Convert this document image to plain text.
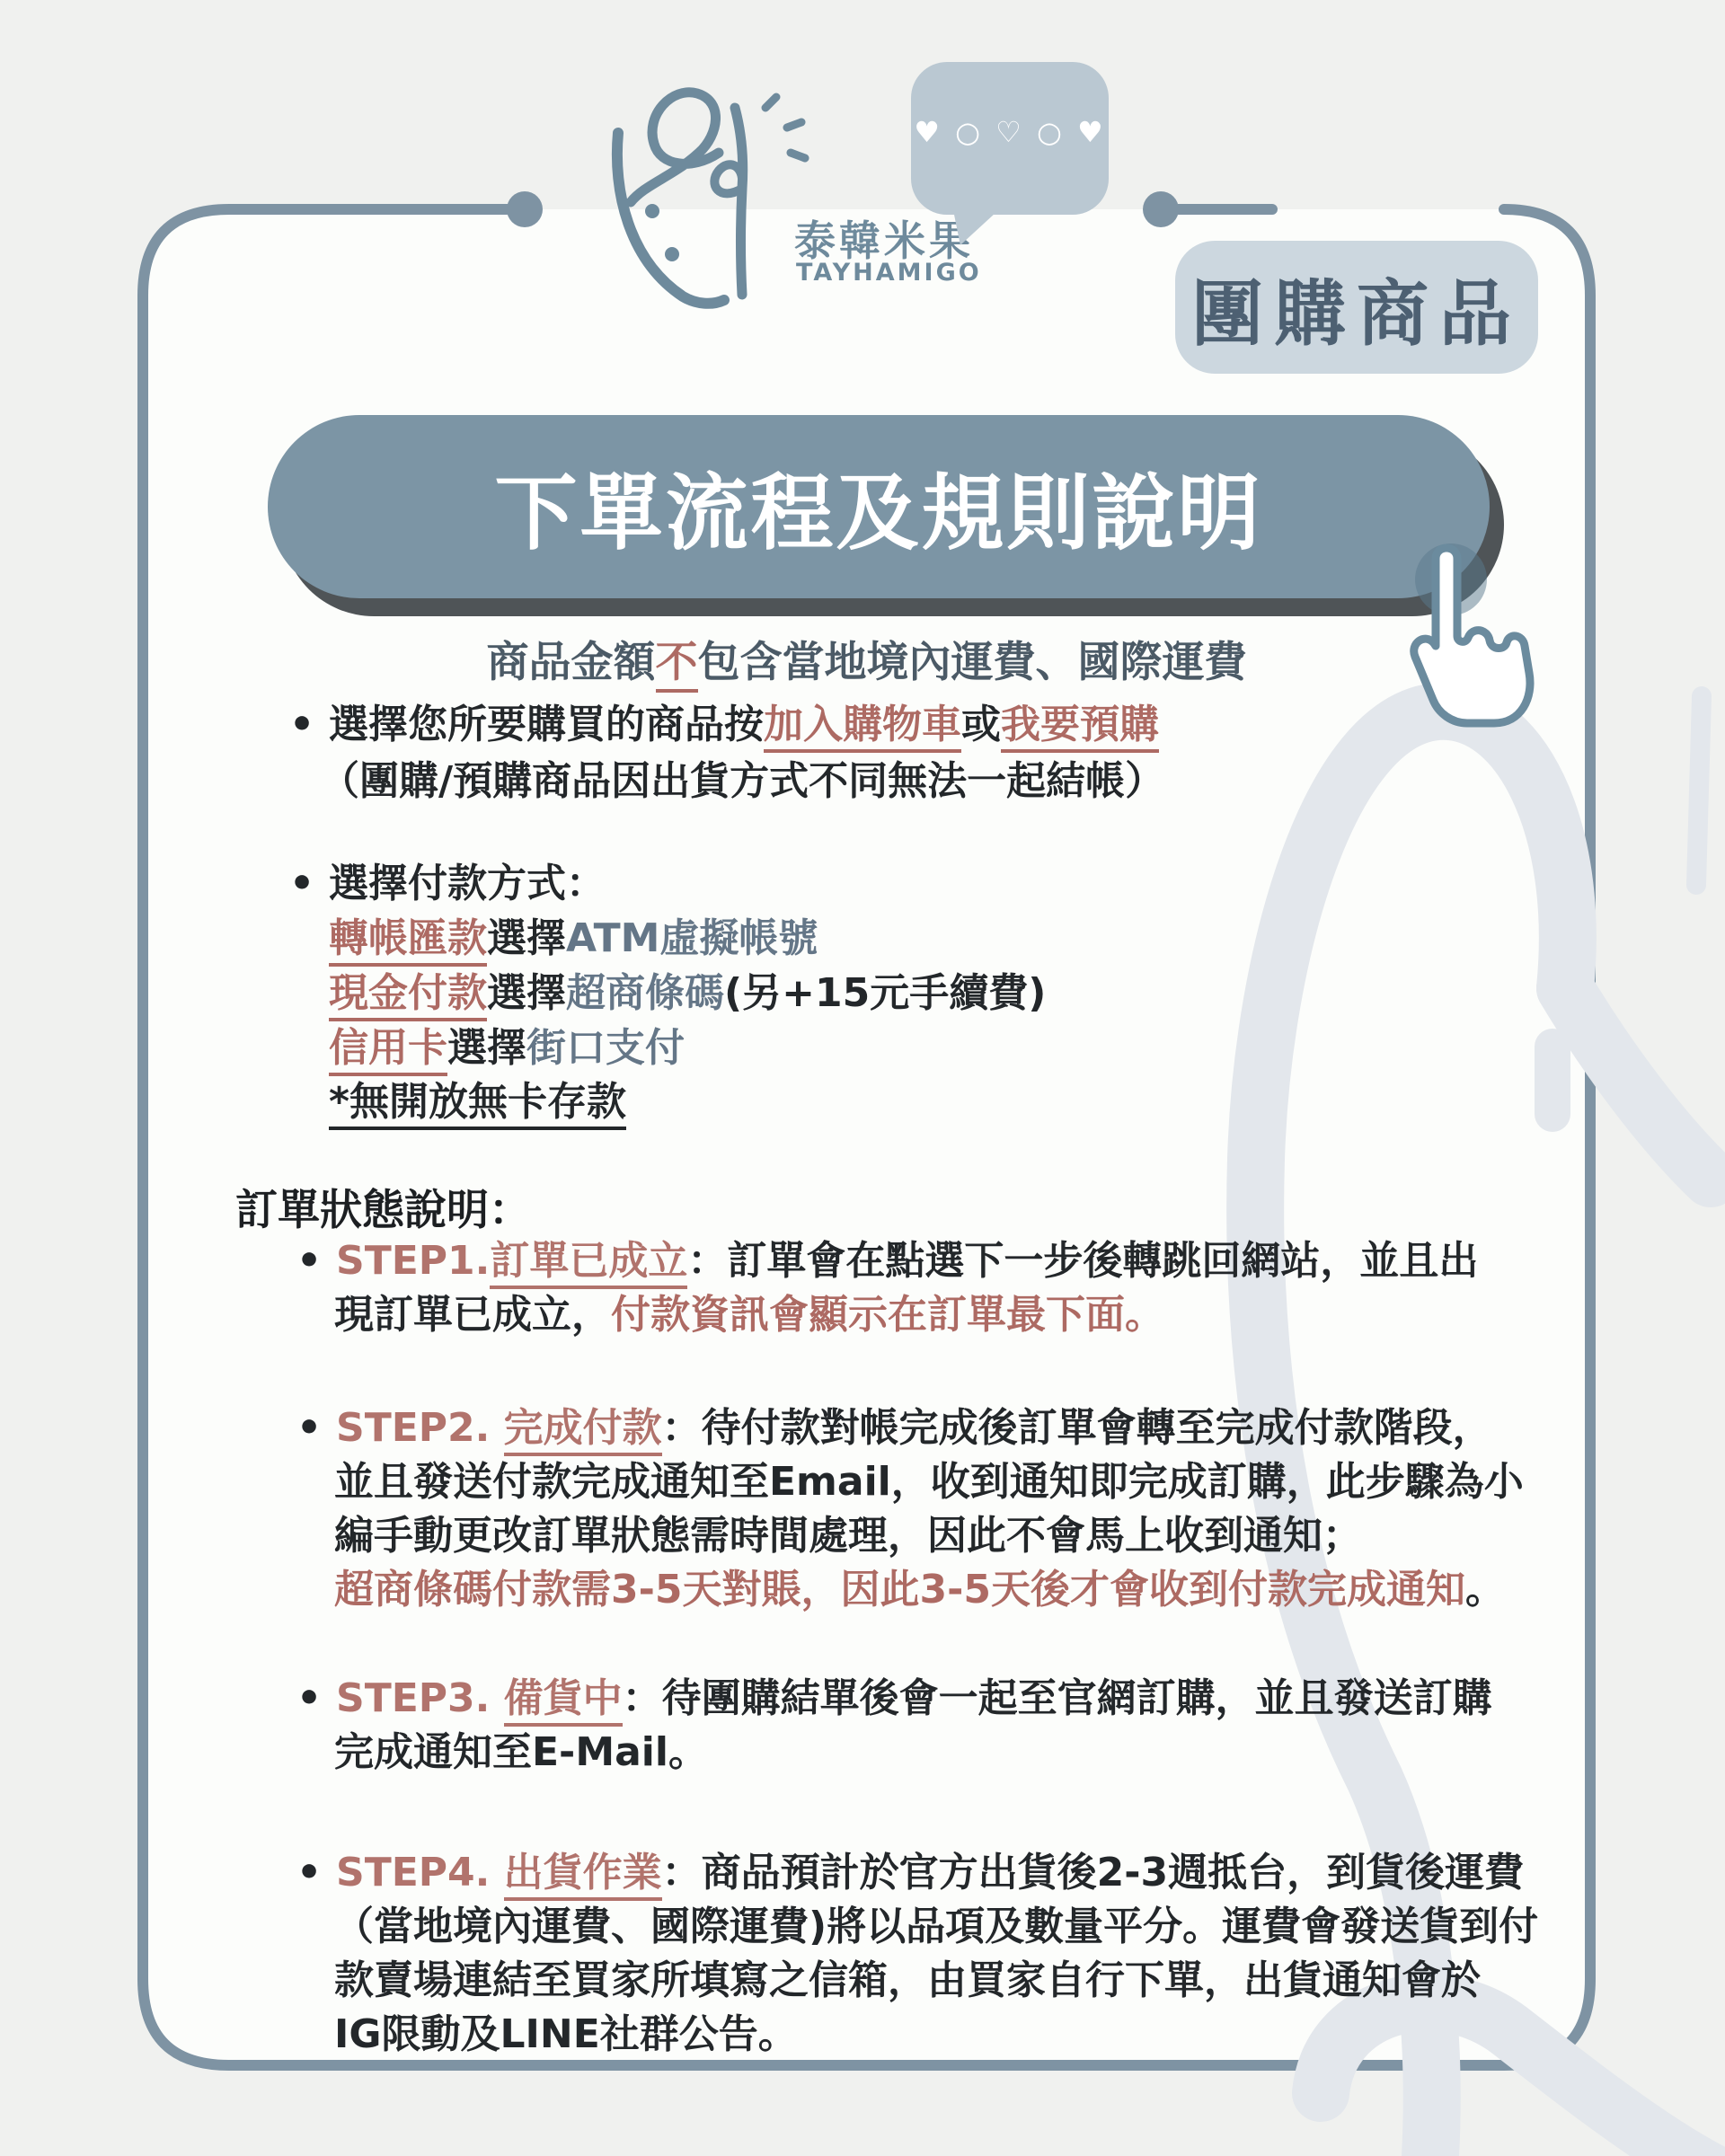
泰韓米果
TAYHAMIGO
♥ ○ ♡ ○ ♥
團購商品
下單流程及規則說明
商品金額不包含當地境內運費、國際運費
• 選擇您所要購買的商品按加入購物車或我要預購
（團購/預購商品因出貨方式不同無法一起結帳）
• 選擇付款方式：
轉帳匯款選擇ATM虛擬帳號
現金付款選擇超商條碼(另+15元手續費)
信用卡選擇街口支付
*無開放無卡存款
訂單狀態說明：
• STEP1.訂單已成立：訂單會在點選下一步後轉跳回網站，並且出
現訂單已成立，付款資訊會顯示在訂單最下面。
• STEP2. 完成付款：待付款對帳完成後訂單會轉至完成付款階段，
並且發送付款完成通知至Email，收到通知即完成訂購，此步驟為小
編手動更改訂單狀態需時間處理，因此不會馬上收到通知；
超商條碼付款需3-5天對賬，因此3-5天後才會收到付款完成通知。
• STEP3. 備貨中：待團購結單後會一起至官網訂購，並且發送訂購
完成通知至E-Mail。
• STEP4. 出貨作業：商品預計於官方出貨後2-3週抵台，到貨後運費
（當地境內運費、國際運費)將以品項及數量平分。運費會發送貨到付
款賣場連結至買家所填寫之信箱，由買家自行下單，出貨通知會於
IG限動及LINE社群公告。
